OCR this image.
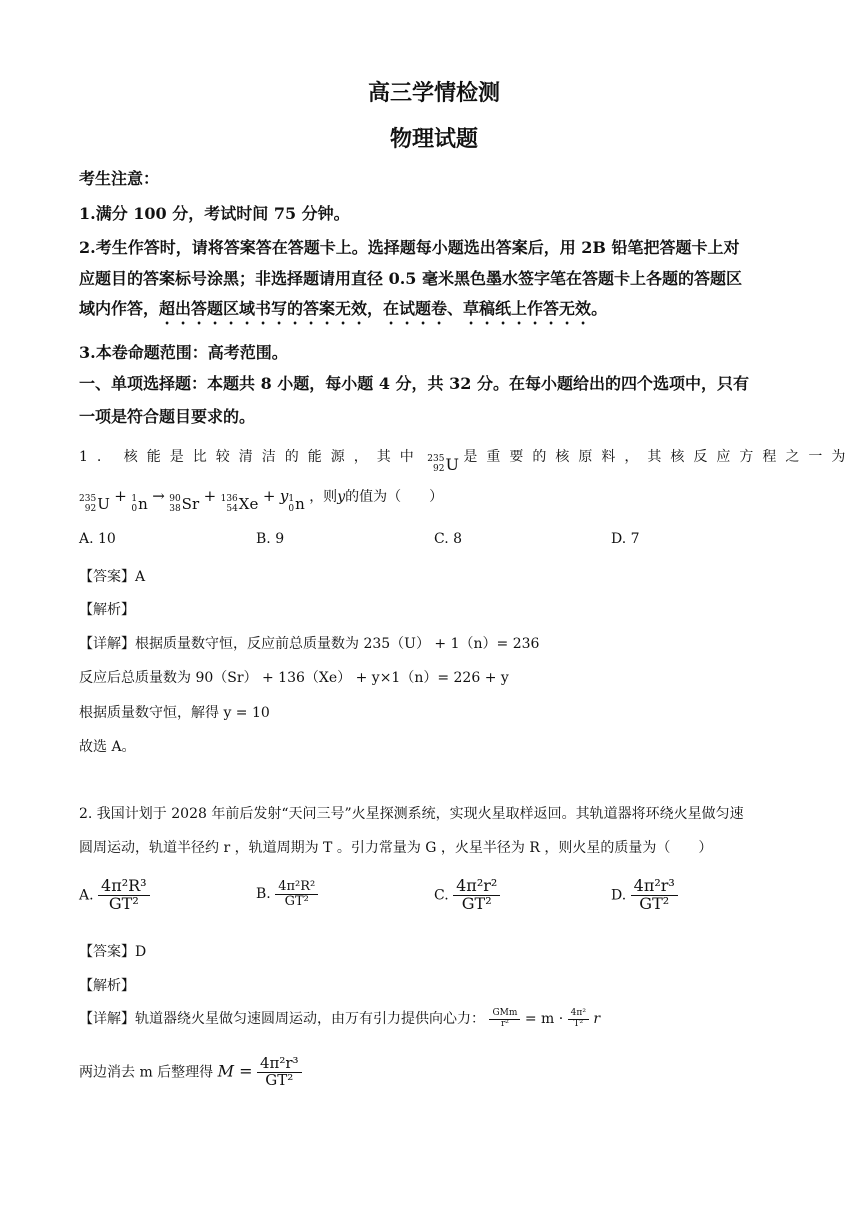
高三学情检测
物理试题
考生注意：
1.满分 100 分，考试时间 75 分钟。
2.考生作答时，请将答案答在答题卡上。选择题每小题选出答案后，用 2B 铅笔把答题卡上对
应题目的答案标号涂黑；非选择题请用直径 0.5 毫米黑色墨水签字笔在答题卡上各题的答题区
域内作答，超出答题区域书写的答案无效，在试题卷、草稿纸上作答无效。
3.本卷命题范围：高考范围。
一、单项选择题：本题共 8 小题，每小题 4 分，共 32 分。在每小题给出的四个选项中，只有
一项是符合题目要求的。
1. 核能是比较清洁的能源，其中 235
92 U 是重要的核原料，其核反应方程之一为
235
92 U + 1
0 n → 90
38 Sr + 136
54 Xe + y 1
0 n ，则y的值为（　　）
A. 10	B. 9	C. 8	D. 7
【答案】A
【解析】
【详解】根据质量数守恒，反应前总质量数为 235（U） + 1（n）= 236
反应后总质量数为 90（Sr） + 136（Xe） + y×1（n）= 226 + y
根据质量数守恒，解得 y = 10
故选 A。
2. 我国计划于 2028 年前后发射“天问三号”火星探测系统，实现火星取样返回。其轨道器将环绕火星做匀速
圆周运动，轨道半径约 r ，轨道周期为 T 。引力常量为 G ，火星半径为 R ，则火星的质量为（　　）
A. $\frac{\text{4π²R³}}{\text{GT²}}$	B. $\frac{\text{4π²R²}}{\text{GT²}}$	C. $\frac{\text{4π²r²}}{\text{GT²}}$	D. $\frac{\text{4π²r³}}{\text{GT²}}$
【答案】D
【解析】
【详解】轨道器绕火星做匀速圆周运动，由万有引力提供向心力： $\frac{\text{GMm}}{\text{r²}} = m \cdot \frac{\text{4π²}}{\text{T²}}$ r
两边消去 m 后整理得 $M = \frac{\text{4π²r³}}{\text{GT²}}$
